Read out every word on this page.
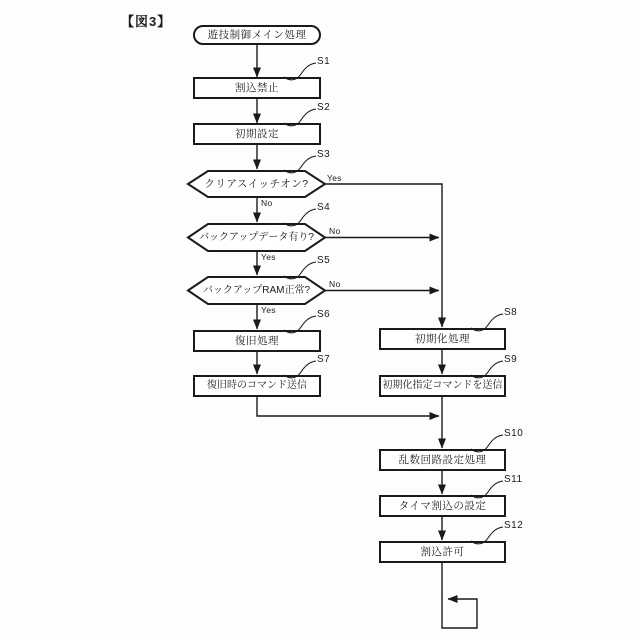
【図3】
遊技制御メイン処理
割込禁止
初期設定
クリアスイッチオン?
バックアップデータ有り?
バックアップRAM正常?
復旧処理
復旧時のコマンド送信
初期化処理
初期化指定コマンドを送信
乱数回路設定処理
タイマ割込の設定
割込許可
S1
S2
S3
S4
S5
S6
S7
S8
S9
S10
S11
S12
Yes
No
No
Yes
No
Yes
